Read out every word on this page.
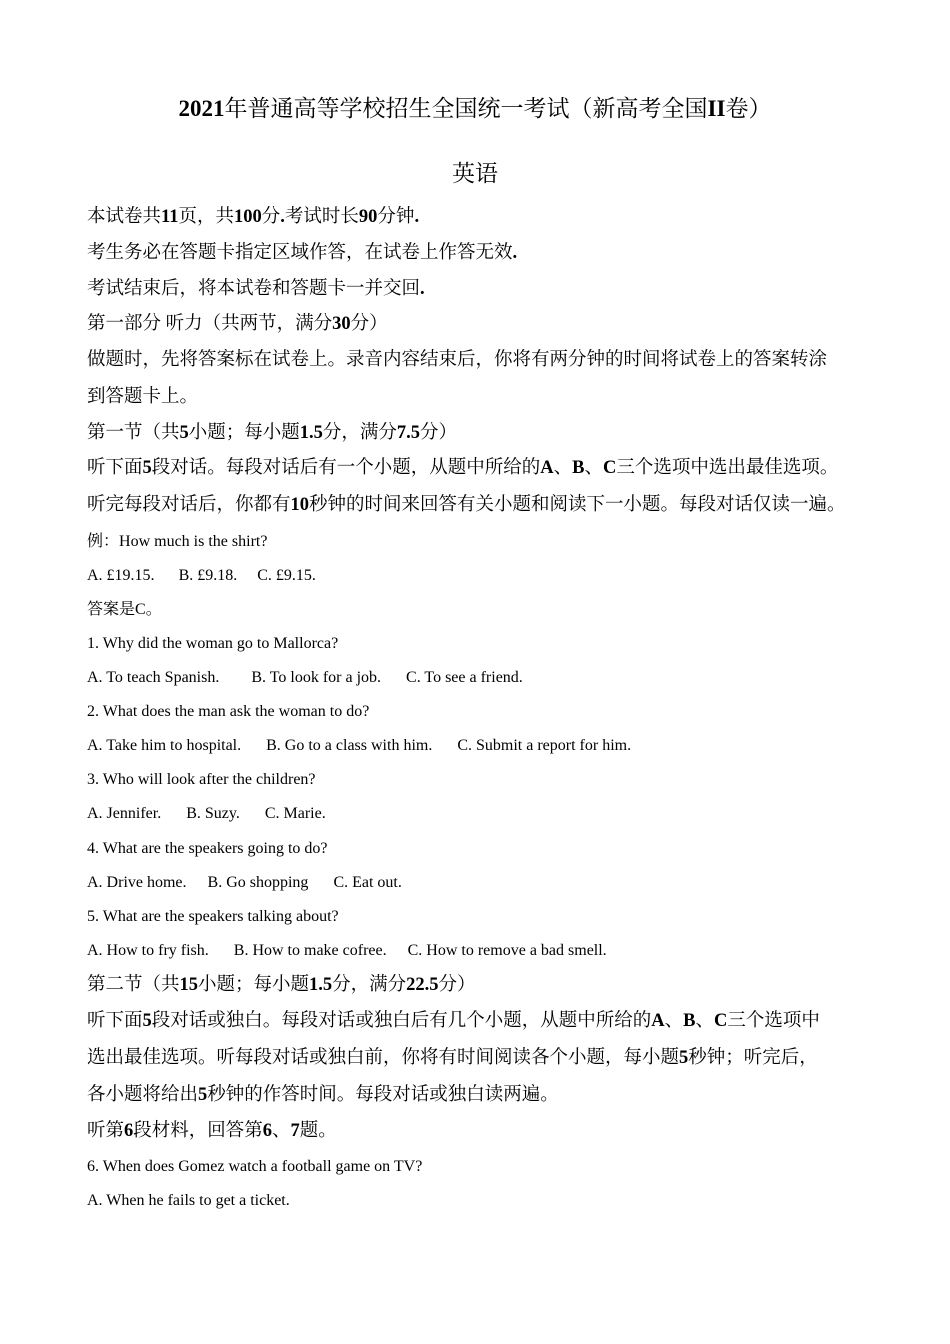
2021年普通高等学校招生全国统一考试（新高考全国II卷）
英语
本试卷共11页，共100分.考试时长90分钟.
考生务必在答题卡指定区域作答，在试卷上作答无效.
考试结束后，将本试卷和答题卡一并交回.
第一部分 听力（共两节，满分30分）
做题时，先将答案标在试卷上。录音内容结束后，你将有两分钟的时间将试卷上的答案转涂
到答题卡上。
第一节（共5小题；每小题1.5分，满分7.5分）
听下面5段对话。每段对话后有一个小题，从题中所给的A、B、C三个选项中选出最佳选项。
听完每段对话后，你都有10秒钟的时间来回答有关小题和阅读下一小题。每段对话仅读一遍。
例：How much is the shirt?
A. £19.15. B. £9.18. C. £9.15.
答案是C。
1. Why did the woman go to Mallorca?
A. To teach Spanish. B. To look for a job. C. To see a friend.
2. What does the man ask the woman to do?
A. Take him to hospital. B. Go to a class with him. C. Submit a report for him.
3. Who will look after the children?
A. Jennifer. B. Suzy. C. Marie.
4. What are the speakers going to do?
A. Drive home. B. Go shopping C. Eat out.
5. What are the speakers talking about?
A. How to fry fish. B. How to make cofree. C. How to remove a bad smell.
第二节（共15小题；每小题1.5分，满分22.5分）
听下面5段对话或独白。每段对话或独白后有几个小题，从题中所给的A、B、C三个选项中
选出最佳选项。听每段对话或独白前，你将有时间阅读各个小题，每小题5秒钟；听完后，
各小题将给出5秒钟的作答时间。每段对话或独白读两遍。
听第6段材料，回答第6、7题。
6. When does Gomez watch a football game on TV?
A. When he fails to get a ticket.
